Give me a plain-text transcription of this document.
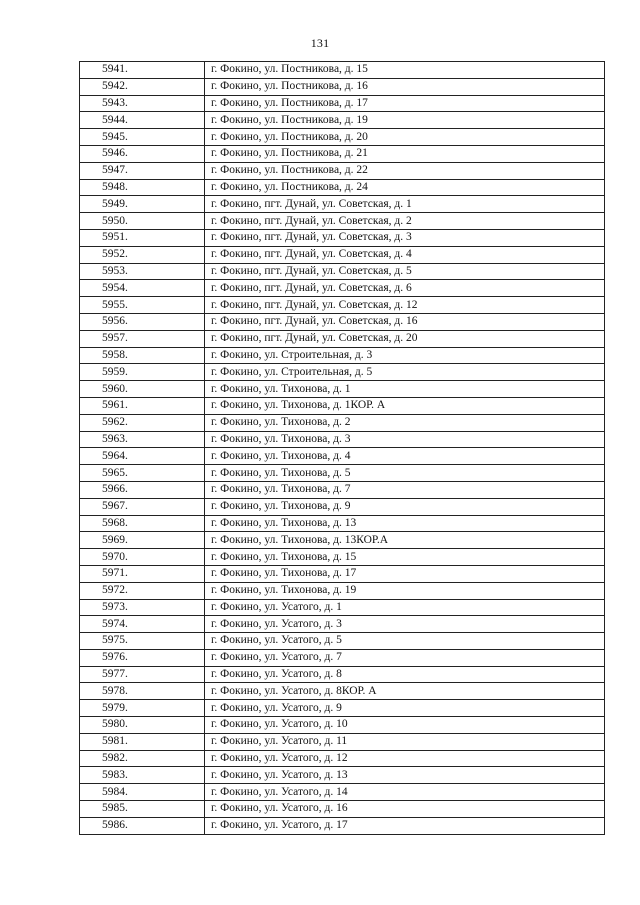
131
5941.	г. Фокино, ул. Постникова, д. 15
5942.	г. Фокино, ул. Постникова, д. 16
5943.	г. Фокино, ул. Постникова, д. 17
5944.	г. Фокино, ул. Постникова, д. 19
5945.	г. Фокино, ул. Постникова, д. 20
5946.	г. Фокино, ул. Постникова, д. 21
5947.	г. Фокино, ул. Постникова, д. 22
5948.	г. Фокино, ул. Постникова, д. 24
5949.	г. Фокино, пгт. Дунай, ул. Советская, д. 1
5950.	г. Фокино, пгт. Дунай, ул. Советская, д. 2
5951.	г. Фокино, пгт. Дунай, ул. Советская, д. 3
5952.	г. Фокино, пгт. Дунай, ул. Советская, д. 4
5953.	г. Фокино, пгт. Дунай, ул. Советская, д. 5
5954.	г. Фокино, пгт. Дунай, ул. Советская, д. 6
5955.	г. Фокино, пгт. Дунай, ул. Советская, д. 12
5956.	г. Фокино, пгт. Дунай, ул. Советская, д. 16
5957.	г. Фокино, пгт. Дунай, ул. Советская, д. 20
5958.	г. Фокино, ул. Строительная, д. 3
5959.	г. Фокино, ул. Строительная, д. 5
5960.	г. Фокино, ул. Тихонова, д. 1
5961.	г. Фокино, ул. Тихонова, д. 1КОР. А
5962.	г. Фокино, ул. Тихонова, д. 2
5963.	г. Фокино, ул. Тихонова, д. 3
5964.	г. Фокино, ул. Тихонова, д. 4
5965.	г. Фокино, ул. Тихонова, д. 5
5966.	г. Фокино, ул. Тихонова, д. 7
5967.	г. Фокино, ул. Тихонова, д. 9
5968.	г. Фокино, ул. Тихонова, д. 13
5969.	г. Фокино, ул. Тихонова, д. 13КОР.А
5970.	г. Фокино, ул. Тихонова, д. 15
5971.	г. Фокино, ул. Тихонова, д. 17
5972.	г. Фокино, ул. Тихонова, д. 19
5973.	г. Фокино, ул. Усатого, д. 1
5974.	г. Фокино, ул. Усатого, д. 3
5975.	г. Фокино, ул. Усатого, д. 5
5976.	г. Фокино, ул. Усатого, д. 7
5977.	г. Фокино, ул. Усатого, д. 8
5978.	г. Фокино, ул. Усатого, д. 8КОР. А
5979.	г. Фокино, ул. Усатого, д. 9
5980.	г. Фокино, ул. Усатого, д. 10
5981.	г. Фокино, ул. Усатого, д. 11
5982.	г. Фокино, ул. Усатого, д. 12
5983.	г. Фокино, ул. Усатого, д. 13
5984.	г. Фокино, ул. Усатого, д. 14
5985.	г. Фокино, ул. Усатого, д. 16
5986.	г. Фокино, ул. Усатого, д. 17
